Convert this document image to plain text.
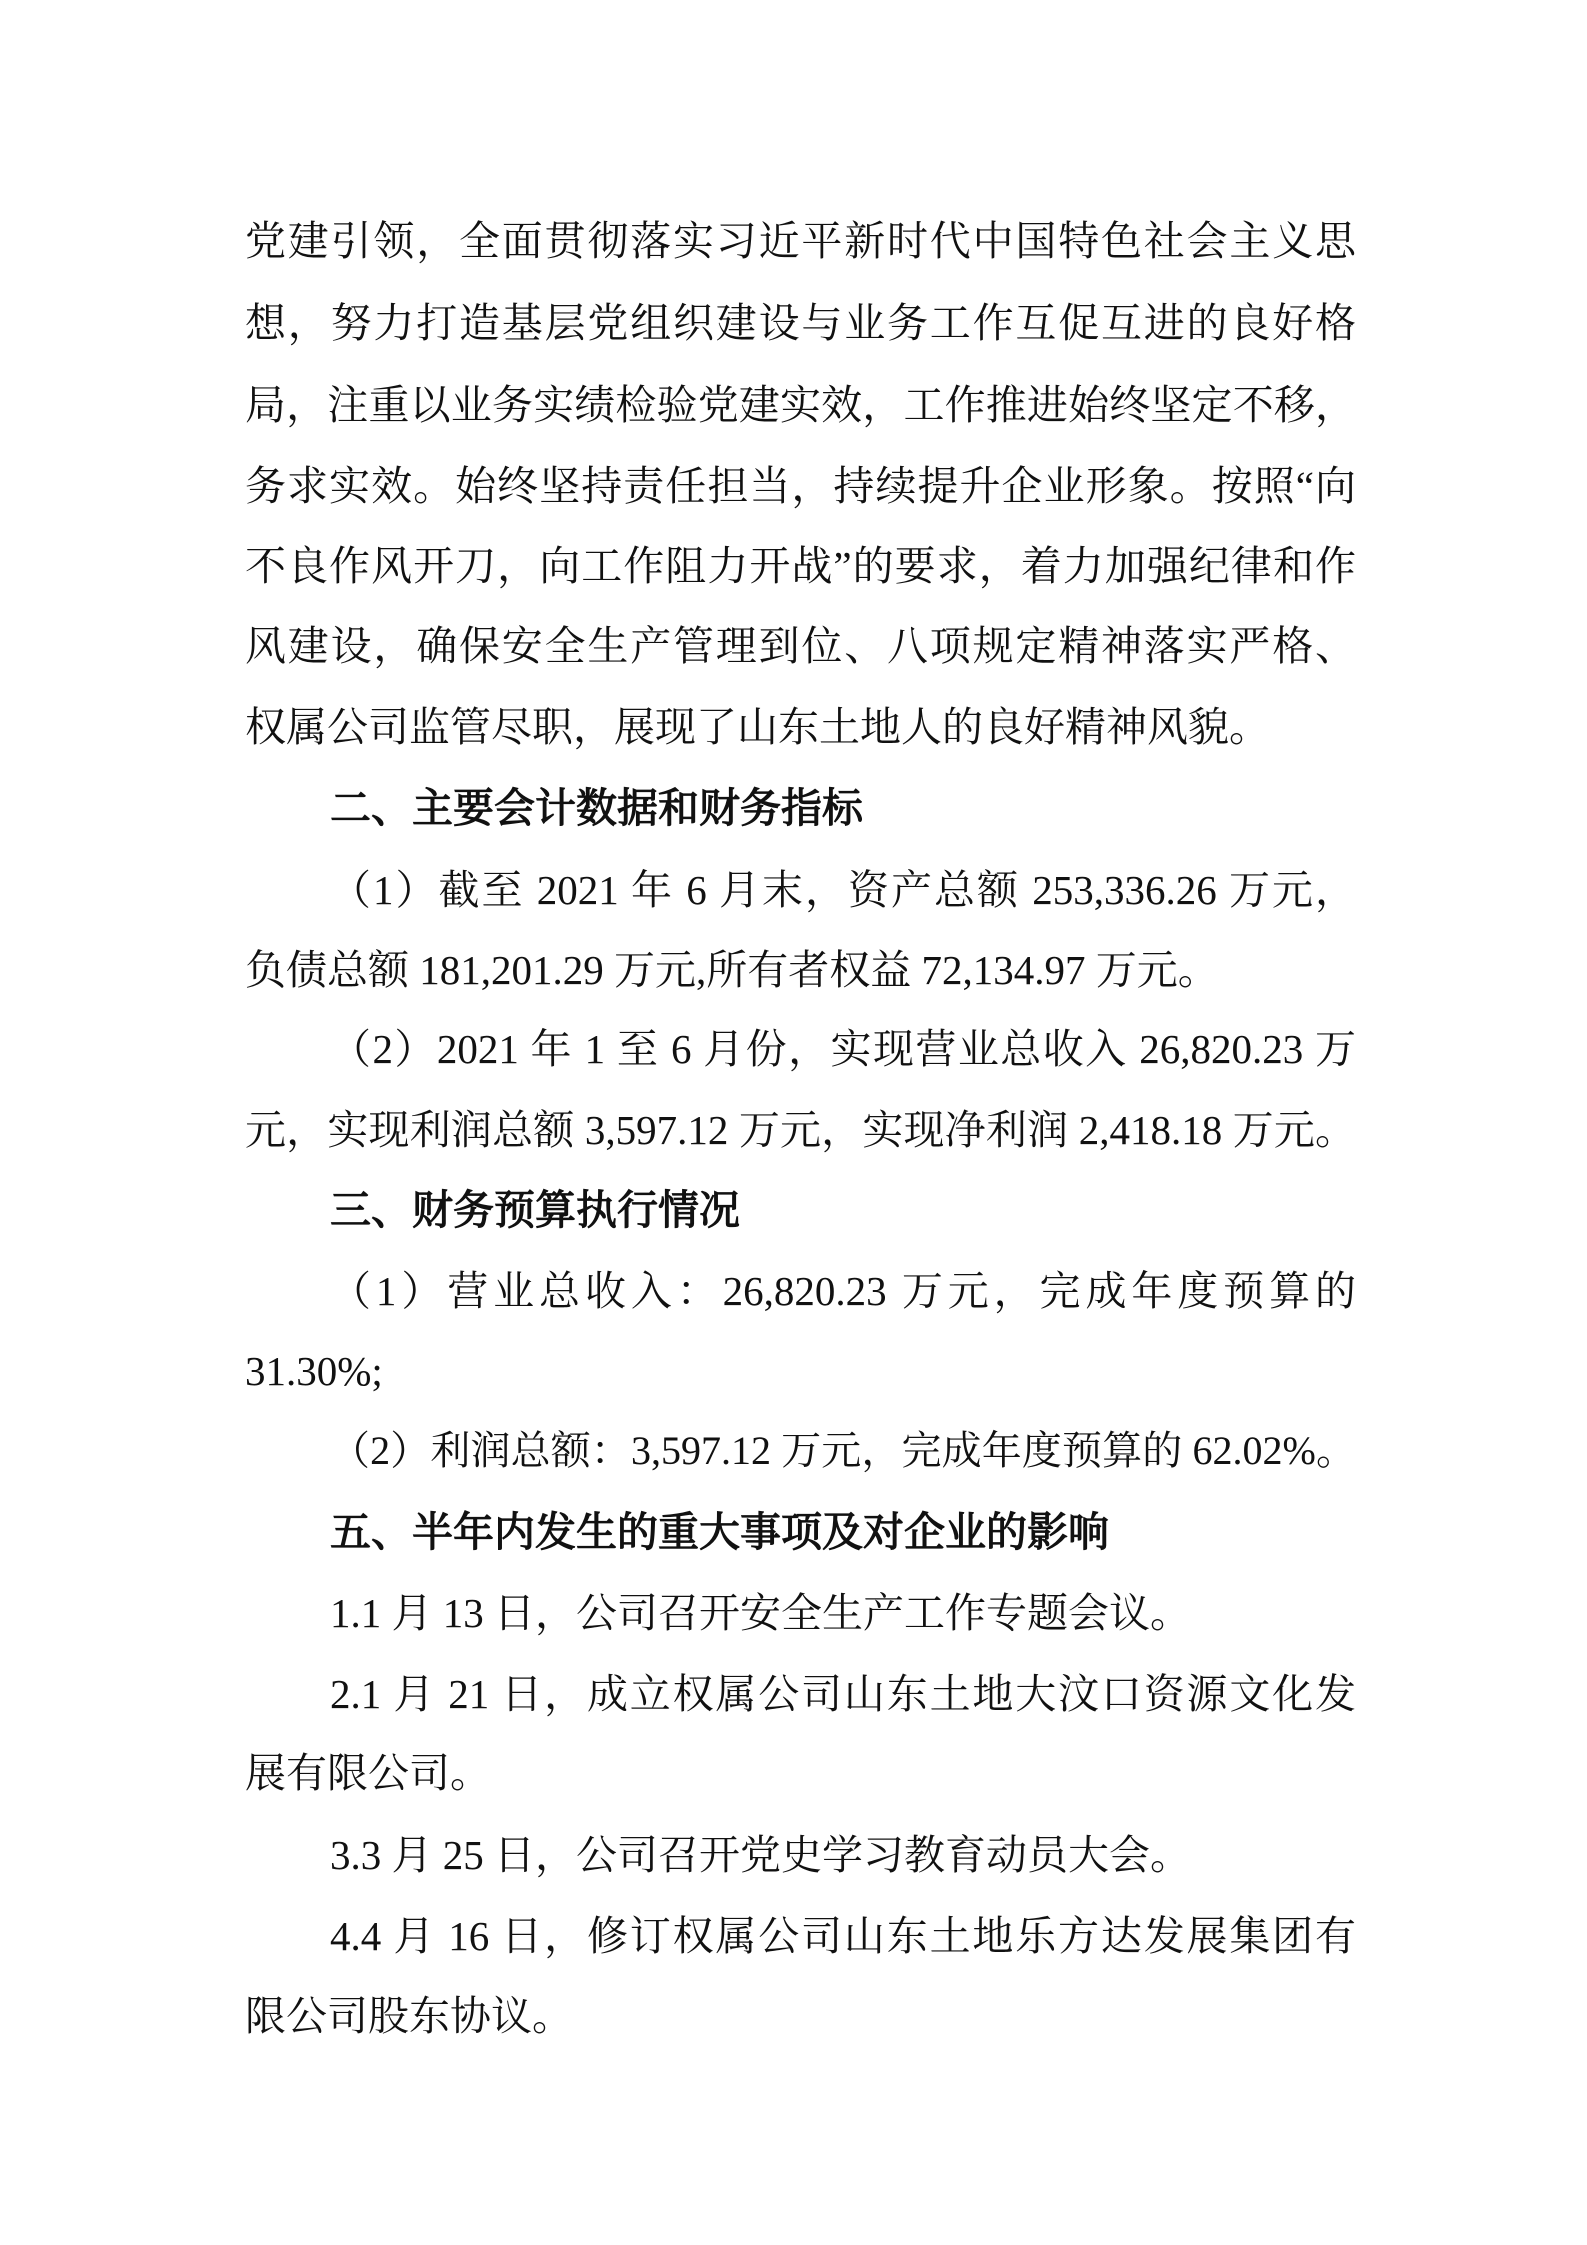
党建引领，全面贯彻落实习近平新时代中国特色社会主义思
想，努力打造基层党组织建设与业务工作互促互进的良好格
局，注重以业务实绩检验党建实效，工作推进始终坚定不移，
务求实效。始终坚持责任担当，持续提升企业形象。按照“向
不良作风开刀，向工作阻力开战”的要求，着力加强纪律和作
风建设，确保安全生产管理到位、八项规定精神落实严格、
权属公司监管尽职，展现了山东土地人的良好精神风貌。
二、主要会计数据和财务指标
（1）截至 2021 年 6 月末，资产总额 253,336.26 万元，
负债总额 181,201.29 万元,所有者权益 72,134.97 万元。
（2）2021 年 1 至 6 月份，实现营业总收入 26,820.23 万
元，实现利润总额 3,597.12 万元，实现净利润 2,418.18 万元。
三、财务预算执行情况
（1）营业总收入：26,820.23 万元，完成年度预算的
31.30%;
（2）利润总额：3,597.12 万元，完成年度预算的 62.02%。
五、半年内发生的重大事项及对企业的影响
1.1 月 13 日，公司召开安全生产工作专题会议。
2.1 月 21 日，成立权属公司山东土地大汶口资源文化发
展有限公司。
3.3 月 25 日，公司召开党史学习教育动员大会。
4.4 月 16 日，修订权属公司山东土地乐方达发展集团有
限公司股东协议。
